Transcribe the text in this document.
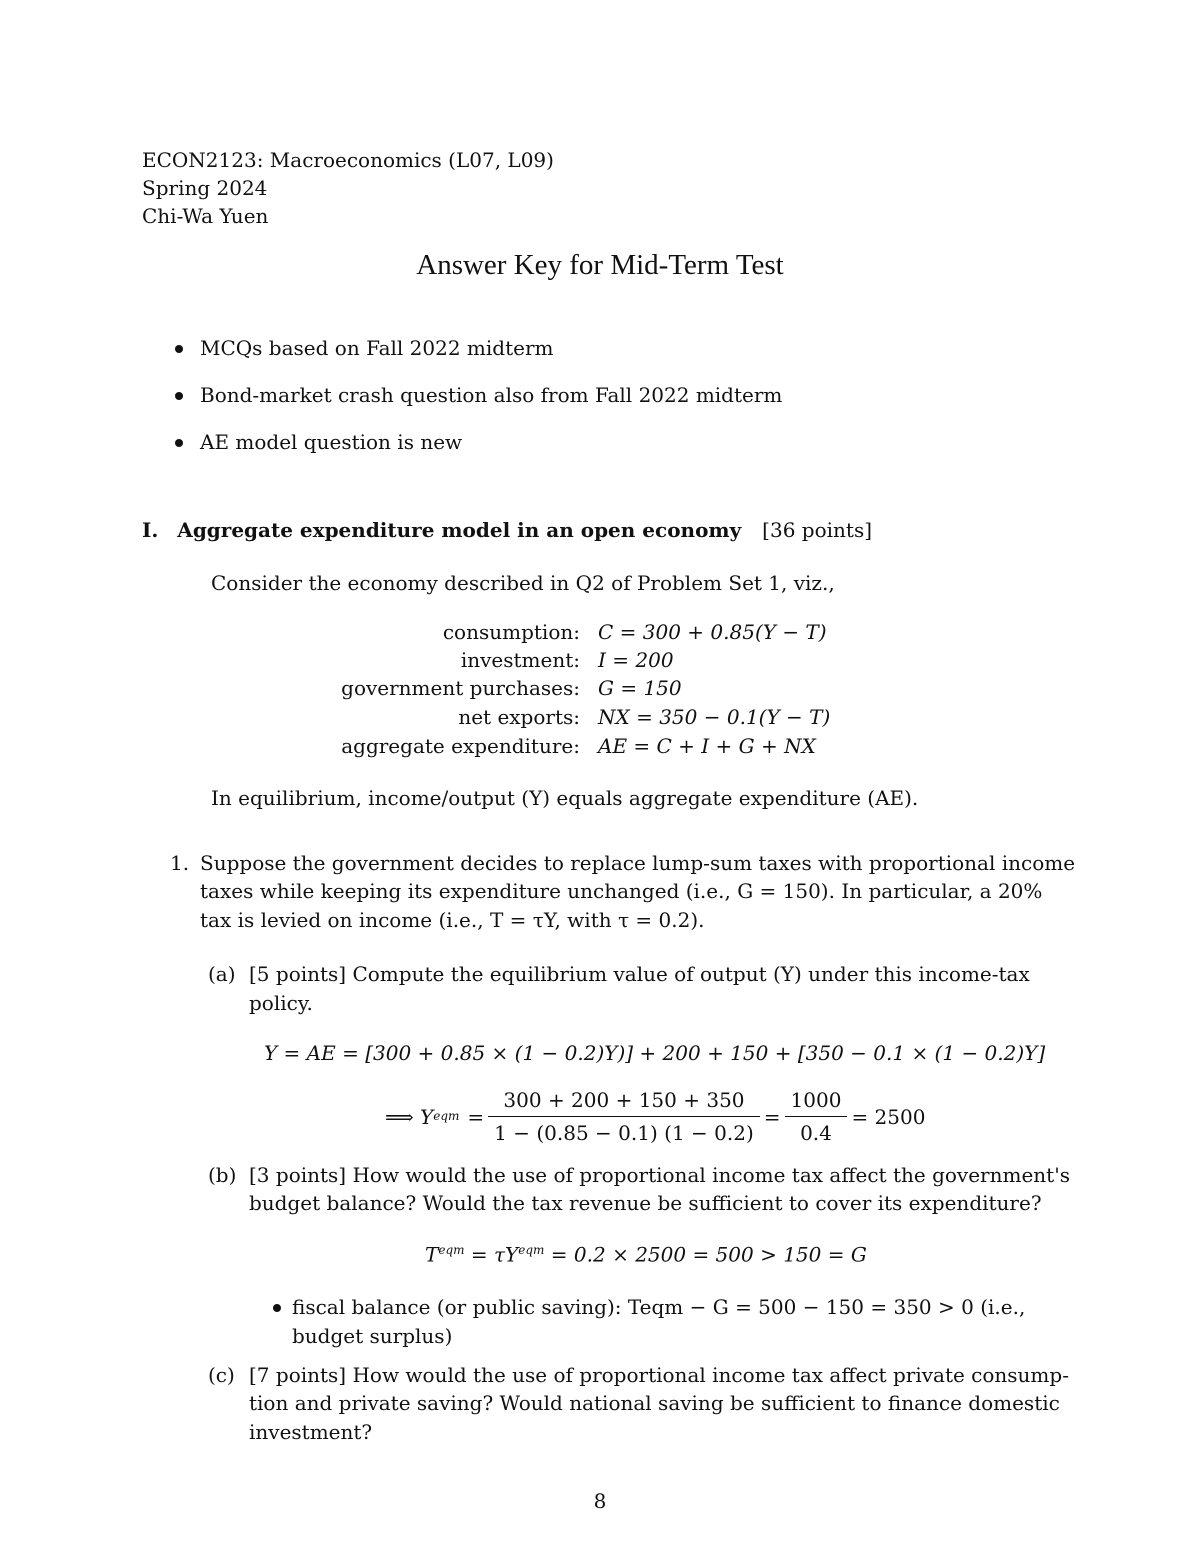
ECON2123: Macroeconomics (L07, L09)
Spring 2024
Chi-Wa Yuen
Answer Key for Mid-Term Test
MCQs based on Fall 2022 midterm
Bond-market crash question also from Fall 2022 midterm
AE model question is new
I. Aggregate expenditure model in an open economy [36 points]
Consider the economy described in Q2 of Problem Set 1, viz.,
consumption: C = 300 + 0.85(Y − T)
investment: I = 200
government purchases: G = 150
net exports: NX = 350 − 0.1(Y − T)
aggregate expenditure: AE = C + I + G + NX
In equilibrium, income/output (Y) equals aggregate expenditure (AE).
1. Suppose the government decides to replace lump-sum taxes with proportional income
taxes while keeping its expenditure unchanged (i.e., G = 150). In particular, a 20%
tax is levied on income (i.e., T = τY, with τ = 0.2).
(a) [5 points] Compute the equilibrium value of output (Y) under this income-tax
policy.
Y = AE = [300 + 0.85 × (1 − 0.2)Y)] + 200 + 150 + [350 − 0.1 × (1 − 0.2)Y]
⟹ Y eqm = $\frac{300 + 200 + 150 + 350}{1 - (0.85 - 0.1) (1 - 0.2)} = \frac{1000}{0.4} = 2500$
(b) [3 points] How would the use of proportional income tax affect the government's
budget balance? Would the tax revenue be sufficient to cover its expenditure?
$T^{eqm} = \tau Y^{eqm} = 0.2 \times 2500 = 500 > 150 = G$
fiscal balance (or public saving): Teqm − G = 500 − 150 = 350 > 0 (i.e.,
budget surplus)
(c) [7 points] How would the use of proportional income tax affect private consump-
tion and private saving? Would national saving be sufficient to finance domestic
investment?
8
